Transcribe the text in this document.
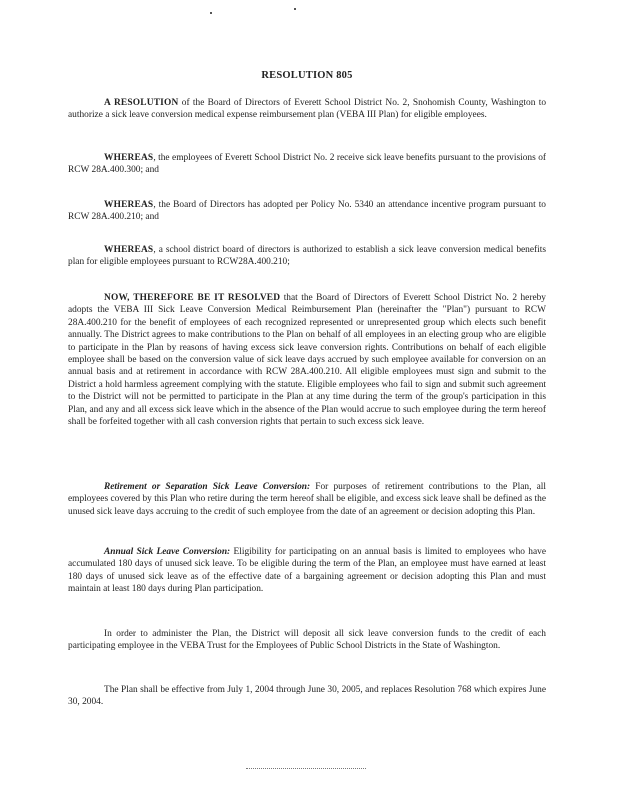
RESOLUTION 805

A RESOLUTION of the Board of Directors of Everett School District No. 2, Snohomish County, Washington to authorize a sick leave conversion medical expense reimbursement plan (VEBA III Plan) for eligible employees.

WHEREAS, the employees of Everett School District No. 2 receive sick leave benefits pursuant to the provisions of RCW 28A.400.300; and

WHEREAS, the Board of Directors has adopted per Policy No. 5340 an attendance incentive program pursuant to RCW 28A.400.210; and

WHEREAS, a school district board of directors is authorized to establish a sick leave conversion medical benefits plan for eligible employees pursuant to RCW28A.400.210;

NOW, THEREFORE BE IT RESOLVED that the Board of Directors of Everett School District No. 2 hereby adopts the VEBA III Sick Leave Conversion Medical Reimbursement Plan (hereinafter the "Plan") pursuant to RCW 28A.400.210 for the benefit of employees of each recognized represented or unrepresented group which elects such benefit annually. The District agrees to make contributions to the Plan on behalf of all employees in an electing group who are eligible to participate in the Plan by reasons of having excess sick leave conversion rights. Contributions on behalf of each eligible employee shall be based on the conversion value of sick leave days accrued by such employee available for conversion on an annual basis and at retirement in accordance with RCW 28A.400.210. All eligible employees must sign and submit to the District a hold harmless agreement complying with the statute. Eligible employees who fail to sign and submit such agreement to the District will not be permitted to participate in the Plan at any time during the term of the group's participation in this Plan, and any and all excess sick leave which in the absence of the Plan would accrue to such employee during the term hereof shall be forfeited together with all cash conversion rights that pertain to such excess sick leave.

Retirement or Separation Sick Leave Conversion: For purposes of retirement contributions to the Plan, all employees covered by this Plan who retire during the term hereof shall be eligible, and excess sick leave shall be defined as the unused sick leave days accruing to the credit of such employee from the date of an agreement or decision adopting this Plan.

Annual Sick Leave Conversion: Eligibility for participating on an annual basis is limited to employees who have accumulated 180 days of unused sick leave. To be eligible during the term of the Plan, an employee must have earned at least 180 days of unused sick leave as of the effective date of a bargaining agreement or decision adopting this Plan and must maintain at least 180 days during Plan participation.

In order to administer the Plan, the District will deposit all sick leave conversion funds to the credit of each participating employee in the VEBA Trust for the Employees of Public School Districts in the State of Washington.

The Plan shall be effective from July 1, 2004 through June 30, 2005, and replaces Resolution 768 which expires June 30, 2004.
